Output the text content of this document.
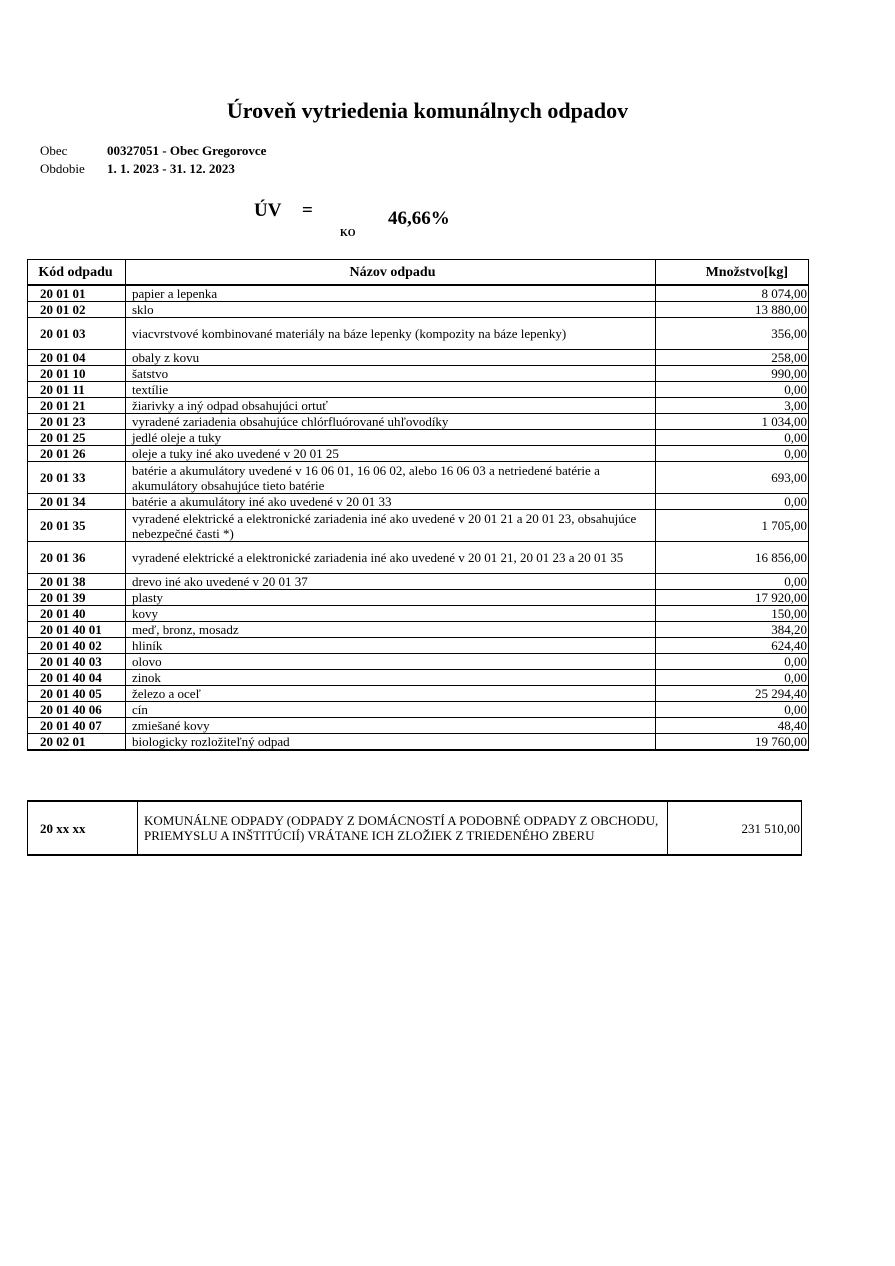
Úroveň vytriedenia komunálnych odpadov
Obec	00327051 - Obec Gregorovce
Obdobie 1. 1. 2023 - 31. 12. 2023
ÚV =
KO
46,66%
Kód odpadu	Názov odpadu	Množstvo[kg]
20 01 01	papier a lepenka	8 074,00
20 01 02	sklo	13 880,00
20 01 03	viacvrstvové kombinované materiály na báze lepenky (kompozity na báze lepenky)	356,00
20 01 04	obaly z kovu	258,00
20 01 10	šatstvo	990,00
20 01 11	textílie	0,00
20 01 21	žiarivky a iný odpad obsahujúci ortuť	3,00
20 01 23	vyradené zariadenia obsahujúce chlórfluórované uhľovodíky	1 034,00
20 01 25	jedlé oleje a tuky	0,00
20 01 26	oleje a tuky iné ako uvedené v 20 01 25	0,00
20 01 33	batérie a akumulátory uvedené v 16 06 01, 16 06 02, alebo 16 06 03 a netriedené batérie a akumulátory obsahujúce tieto batérie	693,00
20 01 34	batérie a akumulátory iné ako uvedené v 20 01 33	0,00
20 01 35	vyradené elektrické a elektronické zariadenia iné ako uvedené v 20 01 21 a 20 01 23, obsahujúce nebezpečné časti *)	1 705,00
20 01 36	vyradené elektrické a elektronické zariadenia iné ako uvedené v 20 01 21, 20 01 23 a 20 01 35	16 856,00
20 01 38	drevo iné ako uvedené v 20 01 37	0,00
20 01 39	plasty	17 920,00
20 01 40	kovy	150,00
20 01 40 01	meď, bronz, mosadz	384,20
20 01 40 02	hliník	624,40
20 01 40 03	olovo	0,00
20 01 40 04	zinok	0,00
20 01 40 05	železo a oceľ	25 294,40
20 01 40 06	cín	0,00
20 01 40 07	zmiešané kovy	48,40
20 02 01	biologicky rozložiteľný odpad	19 760,00
20 xx xx	KOMUNÁLNE ODPADY (ODPADY Z DOMÁCNOSTÍ A PODOBNÉ ODPADY Z OBCHODU, PRIEMYSLU A INŠTITÚCIÍ) VRÁTANE ICH ZLOŽIEK Z TRIEDENÉHO ZBERU	231 510,00
